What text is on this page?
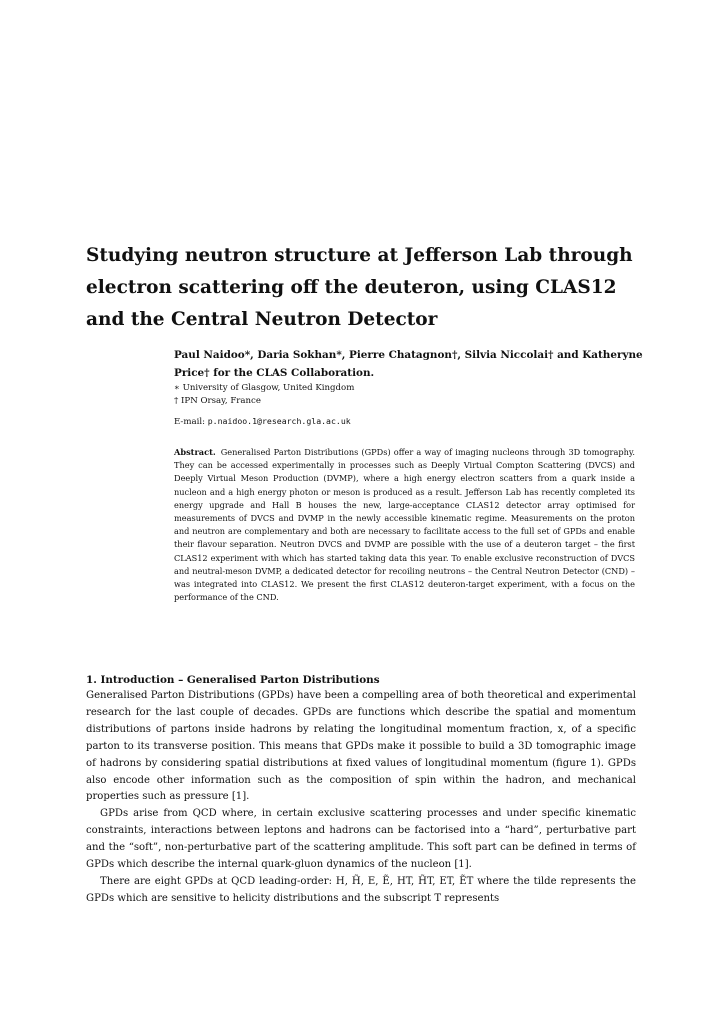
Studying neutron structure at Jefferson Lab through electron scattering off the deuteron, using CLAS12 and the Central Neutron Detector
Paul Naidoo*, Daria Sokhan*, Pierre Chatagnon†, Silvia Niccolai† and Katheryne Price† for the CLAS Collaboration.
∗ University of Glasgow, United Kingdom
† IPN Orsay, France
E-mail: p.naidoo.1@research.gla.ac.uk
Abstract. Generalised Parton Distributions (GPDs) offer a way of imaging nucleons through 3D tomography. They can be accessed experimentally in processes such as Deeply Virtual Compton Scattering (DVCS) and Deeply Virtual Meson Production (DVMP), where a high energy electron scatters from a quark inside a nucleon and a high energy photon or meson is produced as a result. Jefferson Lab has recently completed its energy upgrade and Hall B houses the new, large-acceptance CLAS12 detector array optimised for measurements of DVCS and DVMP in the newly accessible kinematic regime. Measurements on the proton and neutron are complementary and both are necessary to facilitate access to the full set of GPDs and enable their flavour separation. Neutron DVCS and DVMP are possible with the use of a deuteron target – the first CLAS12 experiment with which has started taking data this year. To enable exclusive reconstruction of DVCS and neutral-meson DVMP, a dedicated detector for recoiling neutrons – the Central Neutron Detector (CND) – was integrated into CLAS12. We present the first CLAS12 deuteron-target experiment, with a focus on the performance of the CND.
1. Introduction – Generalised Parton Distributions

Generalised Parton Distributions (GPDs) have been a compelling area of both theoretical and experimental research for the last couple of decades. GPDs are functions which describe the spatial and momentum distributions of partons inside hadrons by relating the longitudinal momentum fraction, x, of a specific parton to its transverse position. This means that GPDs make it possible to build a 3D tomographic image of hadrons by considering spatial distributions at fixed values of longitudinal momentum (figure 1). GPDs also encode other information such as the composition of spin within the hadron, and mechanical properties such as pressure [1].

GPDs arise from QCD where, in certain exclusive scattering processes and under specific kinematic constraints, interactions between leptons and hadrons can be factorised into a “hard”, perturbative part and the “soft”, non-perturbative part of the scattering amplitude. This soft part can be defined in terms of GPDs which describe the internal quark-gluon dynamics of the nucleon [1].

There are eight GPDs at QCD leading-order: H, H̃, E, Ẽ, HT, H̃T, ET, ẼT where the tilde represents the GPDs which are sensitive to helicity distributions and the subscript T represents
